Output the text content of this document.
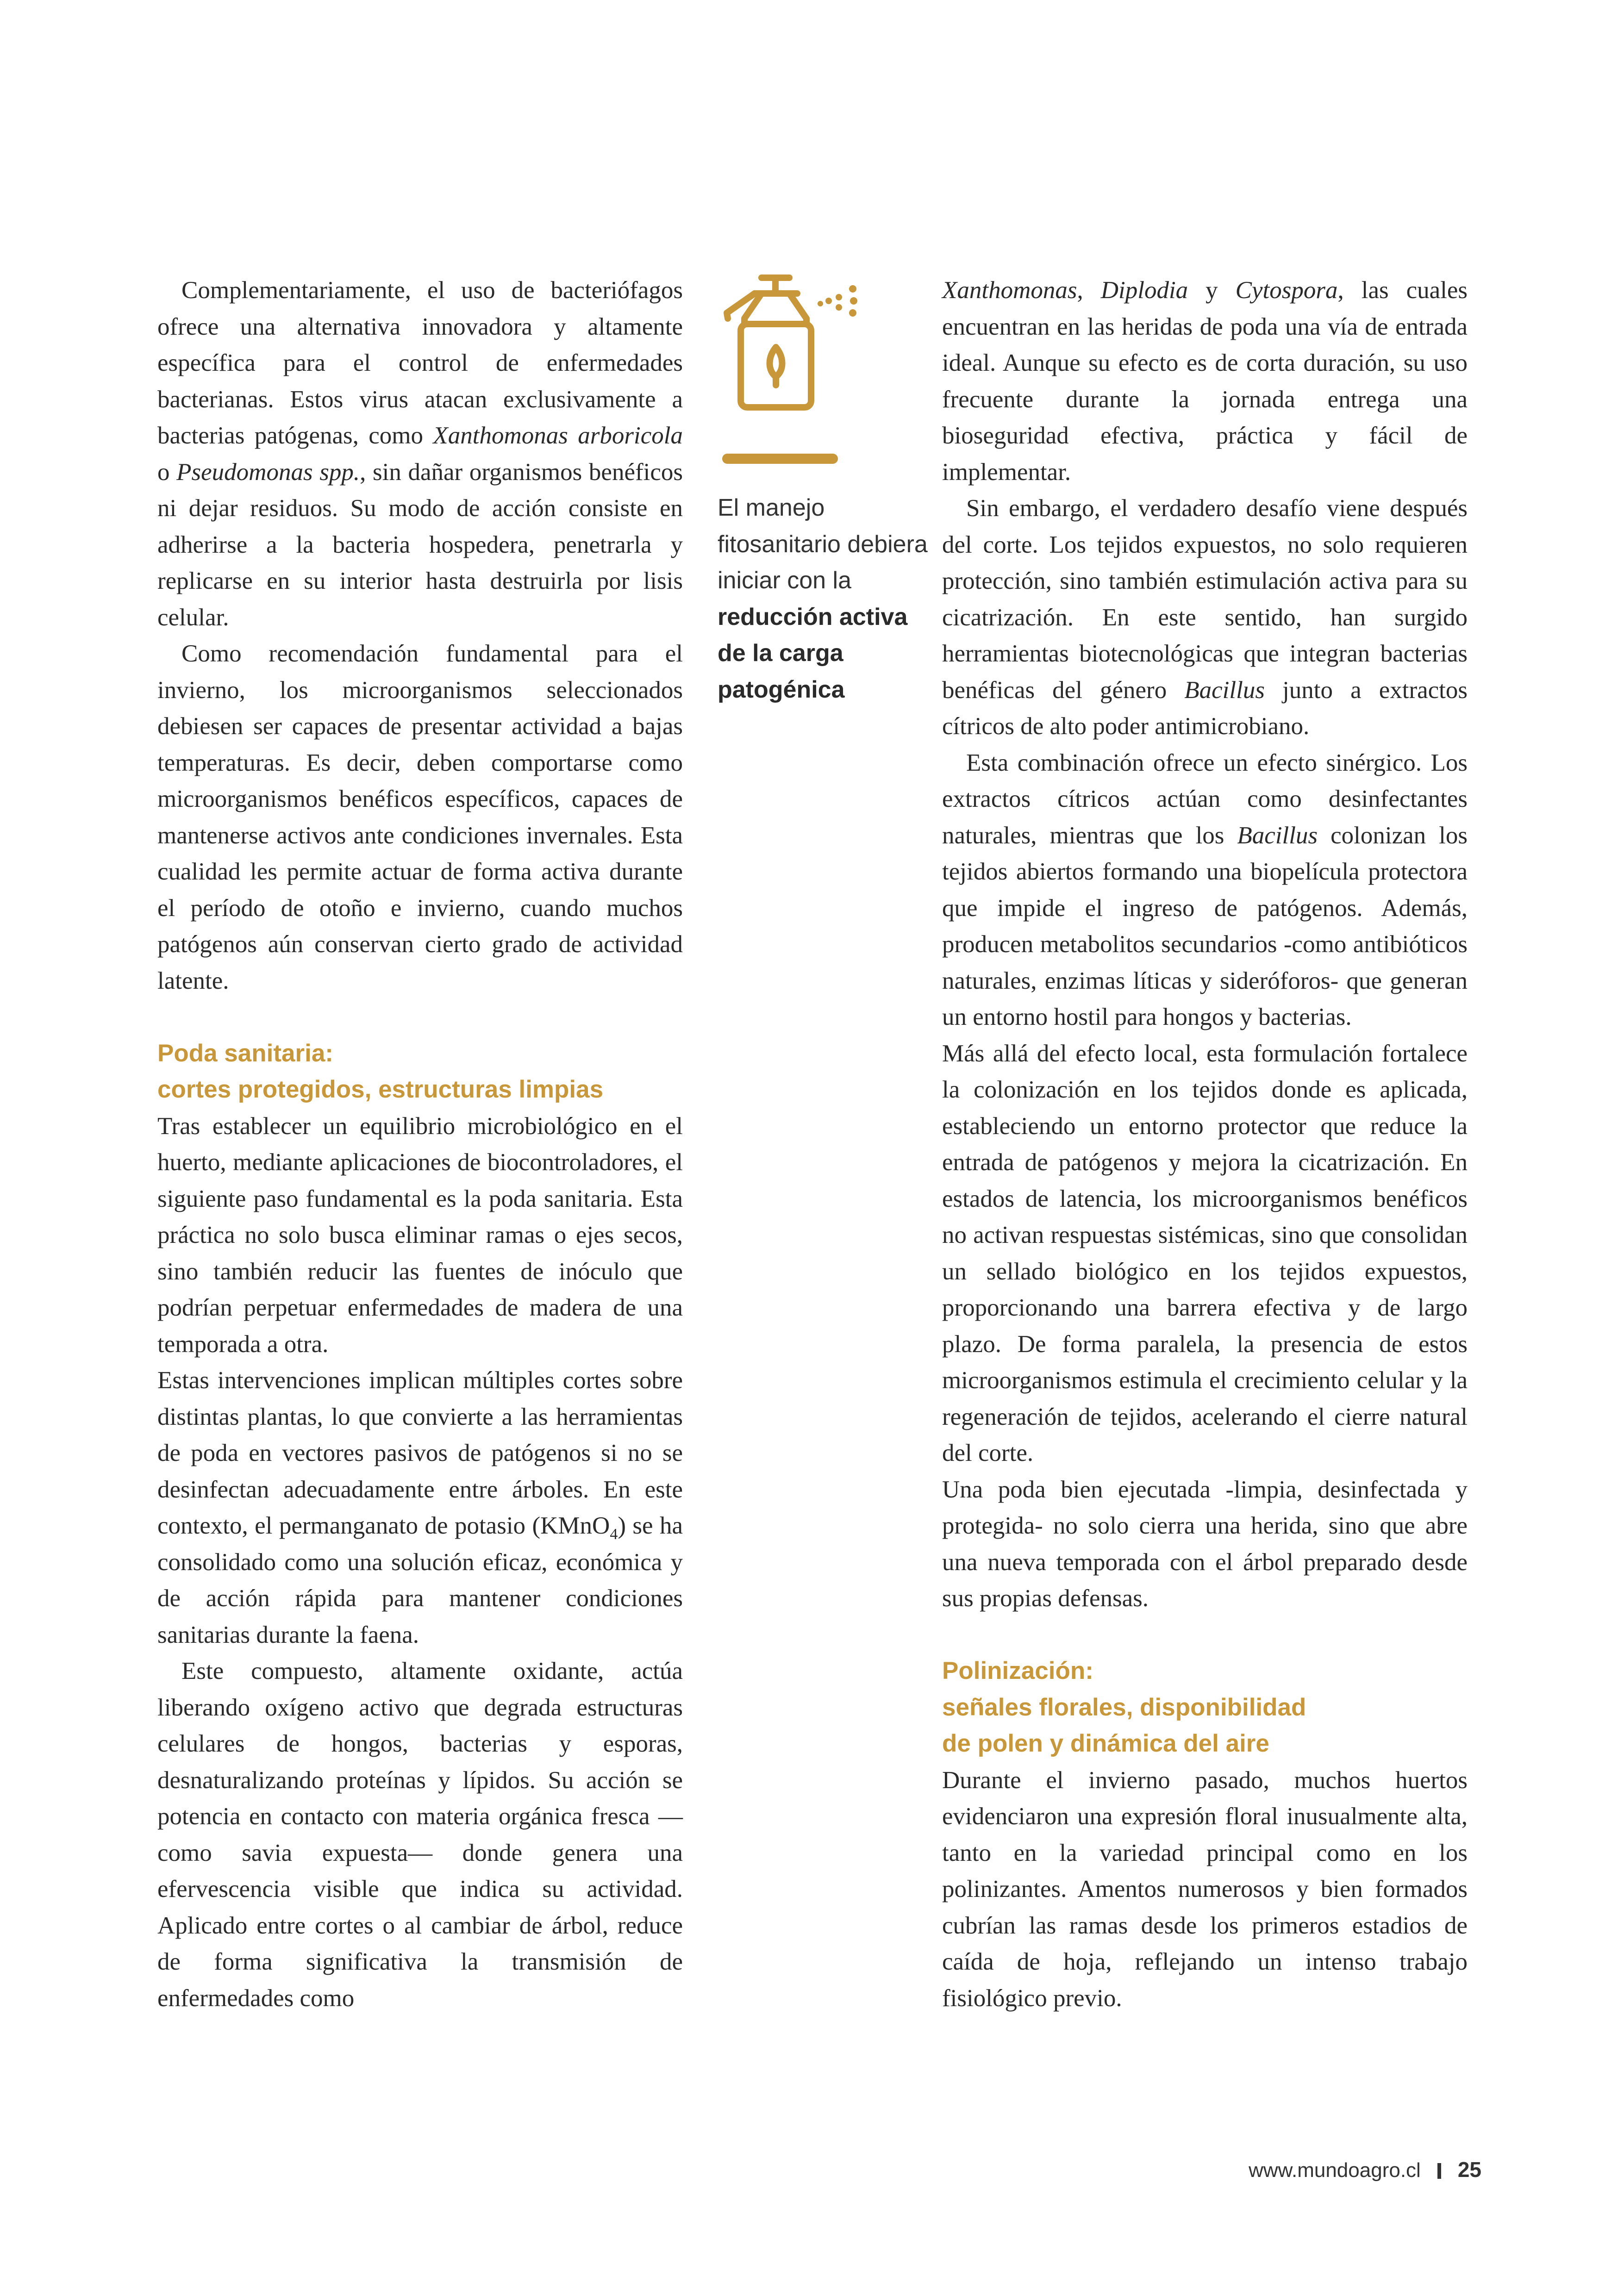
Complementariamente, el uso de bacteriófagos ofrece una alternativa innovadora y altamente específica para el control de enfermedades bacterianas. Estos virus atacan exclusivamente a bacterias patógenas, como Xanthomonas arboricola o Pseudomonas spp., sin dañar organismos benéficos ni dejar residuos. Su modo de acción consiste en adherirse a la bacteria hospedera, penetrarla y replicarse en su interior hasta destruirla por lisis celular.

Como recomendación fundamental para el invierno, los microorganismos seleccionados debiesen ser capaces de presentar actividad a bajas temperaturas. Es decir, deben comportarse como microorganismos benéficos específicos, capaces de mantenerse activos ante condiciones invernales. Esta cualidad les permite actuar de forma activa durante el período de otoño e invierno, cuando muchos patógenos aún conservan cierto grado de actividad latente.

Poda sanitaria:

cortes protegidos, estructuras limpias

Tras establecer un equilibrio microbiológico en el huerto, mediante aplicaciones de biocontroladores, el siguiente paso fundamental es la poda sanitaria. Esta práctica no solo busca eliminar ramas o ejes secos, sino también reducir las fuentes de inóculo que podrían perpetuar enfermedades de madera de una temporada a otra.

Estas intervenciones implican múltiples cortes sobre distintas plantas, lo que convierte a las herramientas de poda en vectores pasivos de patógenos si no se desinfectan adecuadamente entre árboles. En este contexto, el permanganato de potasio (KMnO$_4$) se ha consolidado como una solución eficaz, económica y de acción rápida para mantener condiciones sanitarias durante la faena.

Este compuesto, altamente oxidante, actúa liberando oxígeno activo que degrada estructuras celulares de hongos, bacterias y esporas, desnaturalizando proteínas y lípidos. Su acción se potencia en contacto con materia orgánica fresca —como savia expuesta— donde genera una efervescencia visible que indica su actividad. Aplicado entre cortes o al cambiar de árbol, reduce de forma significativa la transmisión de enfermedades como

El manejo fitosanitario debiera iniciar con la reducción activa de la carga patogénica

Xanthomonas, Diplodia y Cytospora, las cuales encuentran en las heridas de poda una vía de entrada ideal. Aunque su efecto es de corta duración, su uso frecuente durante la jornada entrega una bioseguridad efectiva, práctica y fácil de implementar.

Sin embargo, el verdadero desafío viene después del corte. Los tejidos expuestos, no solo requieren protección, sino también estimulación activa para su cicatrización. En este sentido, han surgido herramientas biotecnológicas que integran bacterias benéficas del género Bacillus junto a extractos cítricos de alto poder antimicrobiano.

Esta combinación ofrece un efecto sinérgico. Los extractos cítricos actúan como desinfectantes naturales, mientras que los Bacillus colonizan los tejidos abiertos formando una biopelícula protectora que impide el ingreso de patógenos. Además, producen metabolitos secundarios -como antibióticos naturales, enzimas líticas y sideróforos- que generan un entorno hostil para hongos y bacterias.

Más allá del efecto local, esta formulación fortalece la colonización en los tejidos donde es aplicada, estableciendo un entorno protector que reduce la entrada de patógenos y mejora la cicatrización. En estados de latencia, los microorganismos benéficos no activan respuestas sistémicas, sino que consolidan un sellado biológico en los tejidos expuestos, proporcionando una barrera efectiva y de largo plazo. De forma paralela, la presencia de estos microorganismos estimula el crecimiento celular y la regeneración de tejidos, acelerando el cierre natural del corte.

Una poda bien ejecutada -limpia, desinfectada y protegida- no solo cierra una herida, sino que abre una nueva temporada con el árbol preparado desde sus propias defensas.

Polinización:

señales florales, disponibilidad

de polen y dinámica del aire

Durante el invierno pasado, muchos huertos evidenciaron una expresión floral inusualmente alta, tanto en la variedad principal como en los polinizantes. Amentos numerosos y bien formados cubrían las ramas desde los primeros estadios de caída de hoja, reflejando un intenso trabajo fisiológico previo.

www.mundoagro.cl 25
